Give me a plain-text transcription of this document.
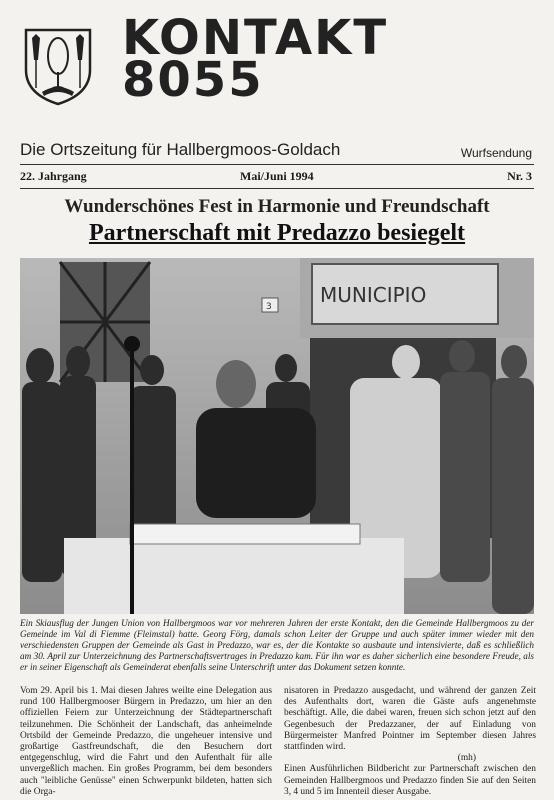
KONTAKT
8055
Die Ortszeitung für Hallbergmoos-Goldach	Wurfsendung
22. Jahrgang	Mai/Juni 1994	Nr. 3
Wunderschönes Fest in Harmonie und Freundschaft
Partnerschaft mit Predazzo besiegelt
MUNICIPIO
3
Ein Skiausflug der Jungen Union von Hallbergmoos war vor mehreren Jahren der erste Kontakt, den die Gemeinde Hallbergmoos zu der Gemeinde im Val di Fiemme (Fleimstal) hatte. Georg Förg, damals schon Leiter der Gruppe und auch später immer wieder mit den verschiedensten Gruppen der Gemeinde als Gast in Predazzo, war es, der die Kontakte so ausbaute und intensivierte, daß es schließlich am 30. April zur Unterzeichnung des Partnerschaftsvertrages in Predazzo kam. Für ihn war es daher sicherlich eine besondere Freude, als er in seiner Eigenschaft als Gemeinderat ebenfalls seine Unterschrift unter das Dokument setzen konnte.

Vom 29. April bis 1. Mai diesen Jahres weilte eine Delegation aus rund 100 Hallbergmooser Bürgern in Predazzo, um hier an den offiziellen Feiern zur Unterzeichnung der Städtepartnerschaft teilzunehmen. Die Schönheit der Landschaft, das anheimelnde Ortsbild der Gemeinde Predazzo, die ungeheuer intensive und großartige Gastfreundschaft, die den Besuchern dort entgegenschlug, wird die Fahrt und den Aufenthalt für alle unvergeßlich machen. Ein großes Programm, bei dem besonders auch "leibliche Genüsse" einen Schwerpunkt bildeten, hatten sich die Orga-

nisatoren in Predazzo ausgedacht, und während der ganzen Zeit des Aufenthalts dort, waren die Gäste aufs angenehmste beschäftigt. Alle, die dabei waren, freuen sich schon jetzt auf den Gegenbesuch der Predazzaner, der auf Einladung von Bürgermeister Manfred Pointner im September diesen Jahres stattfinden wird.

(mh)

Einen Ausführlichen Bildbericht zur Partnerschaft zwischen den Gemeinden Hallbergmoos und Predazzo finden Sie auf den Seiten 3, 4 und 5 im Innenteil dieser Ausgabe.
